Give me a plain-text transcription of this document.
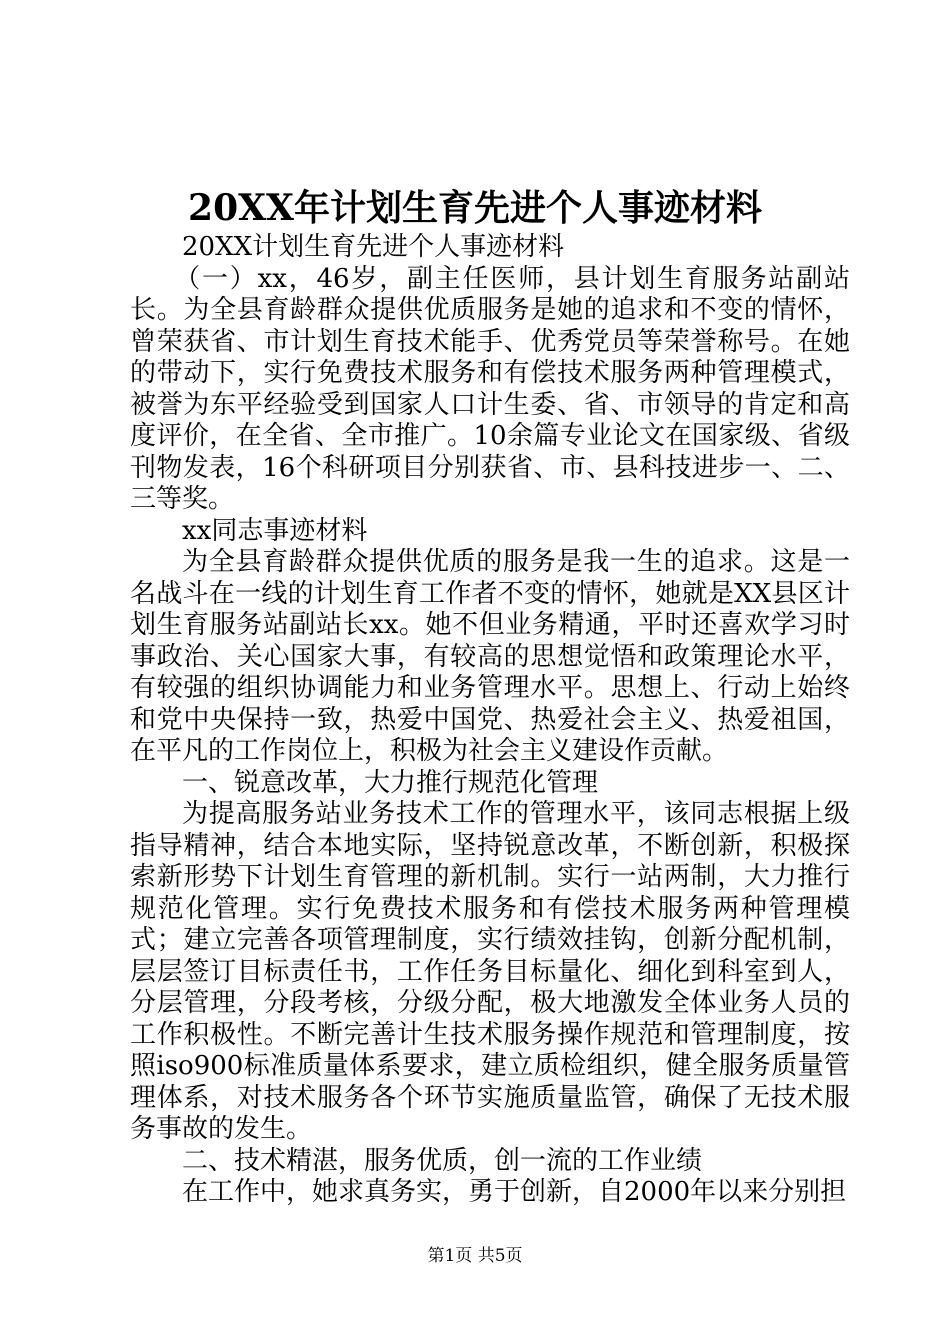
20XX年计划生育先进个人事迹材料

20XX计划生育先进个人事迹材料

（一）xx，46岁，副主任医师，县计划生育服务站副站长。为全县育龄群众提供优质服务是她的追求和不变的情怀，曾荣获省、市计划生育技术能手、优秀党员等荣誉称号。在她的带动下，实行免费技术服务和有偿技术服务两种管理模式，被誉为东平经验受到国家人口计生委、省、市领导的肯定和高度评价，在全省、全市推广。10余篇专业论文在国家级、省级刊物发表，16个科研项目分别获省、市、县科技进步一、二、三等奖。

xx同志事迹材料

为全县育龄群众提供优质的服务是我一生的追求。这是一名战斗在一线的计划生育工作者不变的情怀，她就是XX县区计划生育服务站副站长xx。她不但业务精通，平时还喜欢学习时事政治、关心国家大事，有较高的思想觉悟和政策理论水平，有较强的组织协调能力和业务管理水平。思想上、行动上始终和党中央保持一致，热爱中国党、热爱社会主义、热爱祖国，在平凡的工作岗位上，积极为社会主义建设作贡献。

一、锐意改革，大力推行规范化管理

为提高服务站业务技术工作的管理水平，该同志根据上级指导精神，结合本地实际，坚持锐意改革，不断创新，积极探索新形势下计划生育管理的新机制。实行一站两制，大力推行规范化管理。实行免费技术服务和有偿技术服务两种管理模式；建立完善各项管理制度，实行绩效挂钩，创新分配机制，层层签订目标责任书，工作任务目标量化、细化到科室到人，分层管理，分段考核，分级分配，极大地激发全体业务人员的工作积极性。不断完善计生技术服务操作规范和管理制度，按照iso900标准质量体系要求，建立质检组织，健全服务质量管理体系，对技术服务各个环节实施质量监管，确保了无技术服务事故的发生。

二、技术精湛，服务优质，创一流的工作业绩

在工作中，她求真务实，勇于创新，自2000年以来分别担

第1页 共5页
